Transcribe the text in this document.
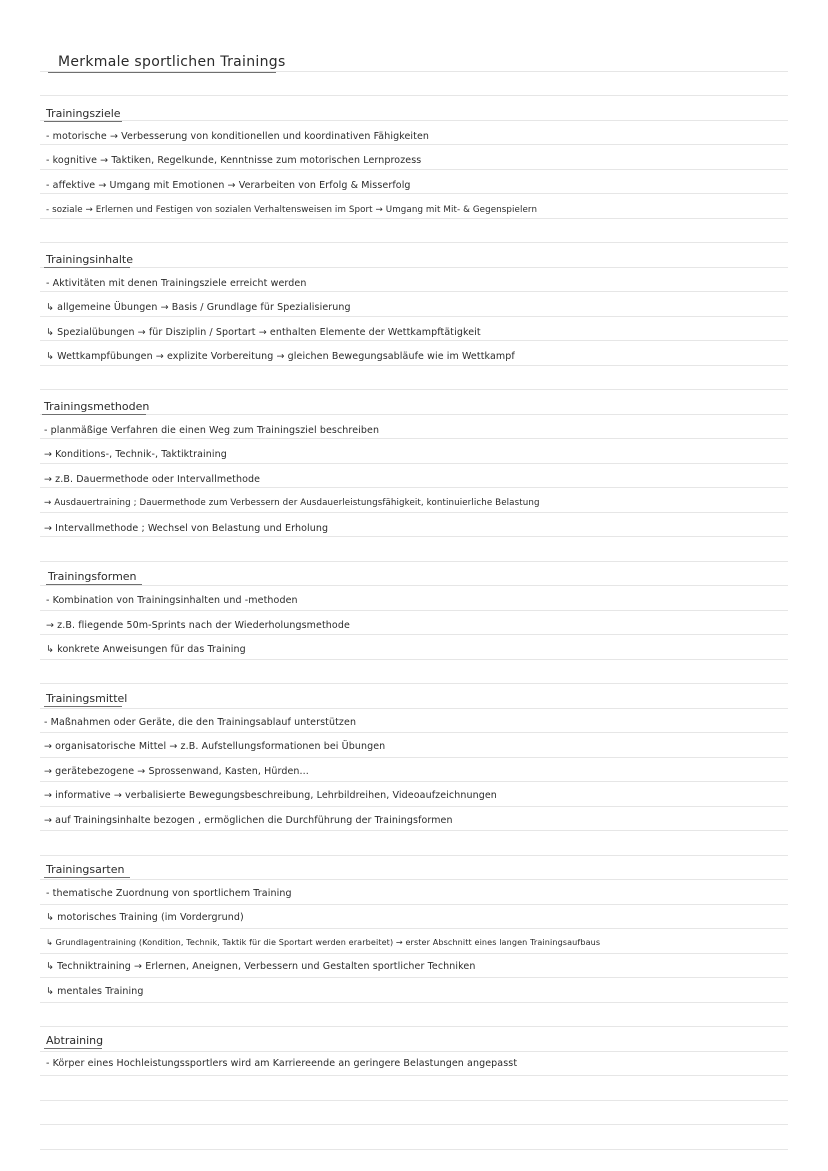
Merkmale sportlichen Trainings
Trainingsziele
- motorische → Verbesserung von konditionellen und koordinativen Fähigkeiten
- kognitive → Taktiken, Regelkunde, Kenntnisse zum motorischen Lernprozess
- affektive → Umgang mit Emotionen → Verarbeiten von Erfolg & Misserfolg
- soziale → Erlernen und Festigen von sozialen Verhaltensweisen im Sport → Umgang mit Mit- & Gegenspielern
Trainingsinhalte
- Aktivitäten mit denen Trainingsziele erreicht werden
↳ allgemeine Übungen → Basis / Grundlage für Spezialisierung
↳ Spezialübungen → für Disziplin / Sportart → enthalten Elemente der Wettkampftätigkeit
↳ Wettkampfübungen → explizite Vorbereitung → gleichen Bewegungsabläufe wie im Wettkampf
Trainingsmethoden
- planmäßige Verfahren die einen Weg zum Trainingsziel beschreiben
→ Konditions-, Technik-, Taktiktraining
→ z.B. Dauermethode oder Intervallmethode
→ Ausdauertraining ; Dauermethode zum Verbessern der Ausdauerleistungsfähigkeit, kontinuierliche Belastung
→ Intervallmethode ; Wechsel von Belastung und Erholung
Trainingsformen
- Kombination von Trainingsinhalten und -methoden
→ z.B. fliegende 50m-Sprints nach der Wiederholungsmethode
↳ konkrete Anweisungen für das Training
Trainingsmittel
- Maßnahmen oder Geräte, die den Trainingsablauf unterstützen
→ organisatorische Mittel → z.B. Aufstellungsformationen bei Übungen
→ gerätebezogene → Sprossenwand, Kasten, Hürden...
→ informative → verbalisierte Bewegungsbeschreibung, Lehrbildreihen, Videoaufzeichnungen
→ auf Trainingsinhalte bezogen , ermöglichen die Durchführung der Trainingsformen
Trainingsarten
- thematische Zuordnung von sportlichem Training
↳ motorisches Training (im Vordergrund)
↳ Grundlagentraining (Kondition, Technik, Taktik für die Sportart werden erarbeitet) → erster Abschnitt eines langen Trainingsaufbaus
↳ Techniktraining → Erlernen, Aneignen, Verbessern und Gestalten sportlicher Techniken
↳ mentales Training
Abtraining
- Körper eines Hochleistungssportlers wird am Karriereende an geringere Belastungen angepasst
